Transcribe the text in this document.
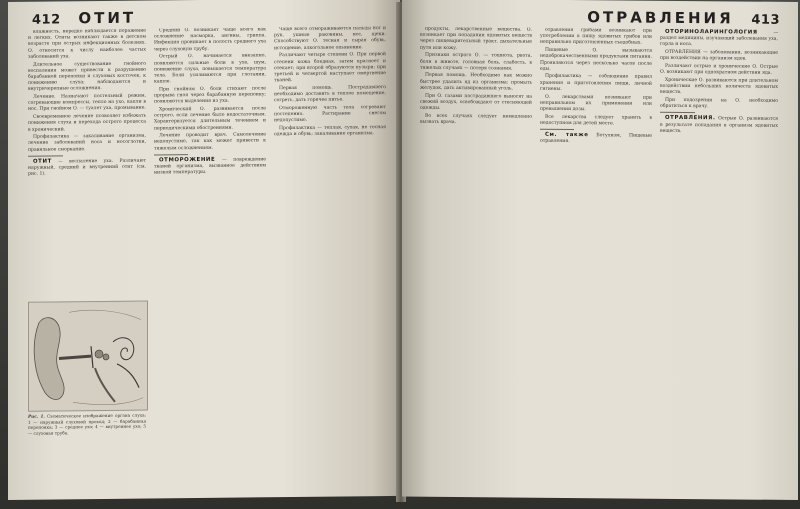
412 ОТИТ

влажность, нередко наблюдается поражение и легких. Отиты возникают также в детском возрасте при острых инфекционных болезнях. О. относится к числу наиболее частых заболеваний уха.

Длительное существование гнойного воспаления может привести к разрушению барабанной перепонки и слуховых косточек, к понижению слуха; наблюдаются и внутричерепные осложнения.

Лечение. Назначают постельный режим, согревающие компрессы, тепло на ухо, капли в нос. При гнойном О. — туалет уха, промывание.

Своевременное лечение позволяет избежать понижения слуха и перехода острого процесса в хронический.

Профилактика — закаливание организма, лечение заболеваний носа и носоглотки, правильное сморкание.

ОТИТ — воспаление уха. Различают наружный, средний и внутренний отит (см. рис. 1).

Рис. 1. Схематическое изображение органа слуха: 1 — наружный слуховой проход; 2 — барабанная перепонка; 3 — среднее ухо; 4 — внутреннее ухо; 5 — слуховая труба.

Средний О. возникает чаще всего как осложнение насморка, ангины, гриппа. Инфекция проникает в полость среднего уха через слуховую трубу.

Острый О. начинается внезапно, появляются сильные боли в ухе, шум, понижение слуха, повышается температура тела. Боли усиливаются при глотании, кашле.

При гнойном О. боли стихают после прорыва гноя через барабанную перепонку; появляются выделения из уха.

Хронический О. развивается после острого, если лечение было недостаточным. Характеризуется длительным течением и периодическими обострениями.

Лечение проводит врач. Самолечение недопустимо, так как может привести к тяжелым осложнениям.

ОТМОРОЖЕНИЕ — повреждение тканей организма, вызванное действием низкой температуры.

Чаще всего отмораживаются пальцы ног и рук, ушные раковины, нос, щеки. Способствуют О. тесная и сырая обувь, истощение, алкогольное опьянение.

Различают четыре степени О. При первой степени кожа бледная, затем краснеет и отекает; при второй образуются пузыри; при третьей и четвертой наступает омертвение тканей.

Первая помощь. Пострадавшего необходимо доставить в теплое помещение, согреть, дать горячее питье.

Отмороженную часть тела согревают постепенно. Растирание снегом недопустимо.

Профилактика — теплая, сухая, не тесная одежда и обувь; закаливание организма.

ОТРАВЛЕНИЯ 413

продукты, лекарственные вещества. О. возникает при попадании ядовитых веществ через пищеварительный тракт, дыхательные пути или кожу.

Признаки острого О. — тошнота, рвота, боли в животе, головная боль, слабость, в тяжелых случаях — потеря сознания.

Первая помощь. Необходимо как можно быстрее удалить яд из организма: промыть желудок, дать активированный уголь.

При О. газами пострадавшего выносят на свежий воздух, освобождают от стесняющей одежды.

Во всех случаях следует немедленно вызвать врача.

отравления грибами возникают при употреблении в пищу ядовитых грибов или неправильно приготовленных съедобных.

Пищевые О. вызываются недоброкачественными продуктами питания. Проявляются через несколько часов после еды.

Профилактика — соблюдение правил хранения и приготовления пищи, личной гигиены.

О. лекарствами возникают при неправильном их применении или превышении дозы.

Все лекарства следует хранить в недоступном для детей месте.

См. также Ботулизм, Пищевые отравления.

ОТОРИНОЛАРИНГОЛОГИЯ	— раздел медицины, изучающий заболевания уха, горла и носа.

ОТРАВЛЕНИЯ — заболевания, возникающие при воздействии на организм ядов.

Различают острые и хронические О. Острые О. возникают при однократном действии яда.

Хронические О. развиваются при длительном воздействии небольших количеств ядовитых веществ.

При подозрении на О. необходимо обратиться к врачу.

ОТРАВЛЕНИЯ. Острые О. развиваются в результате попадания в организм ядовитых веществ.
